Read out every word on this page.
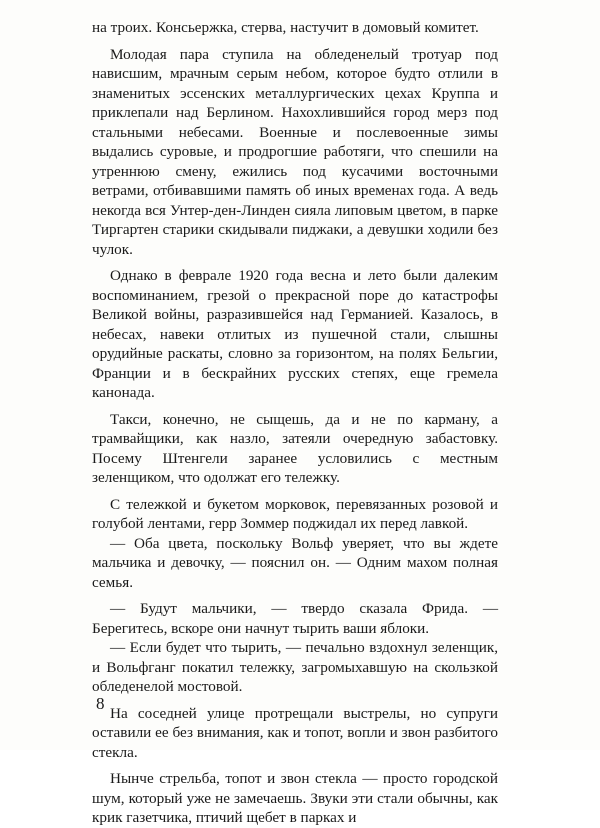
на троих. Консьержка, стерва, настучит в домовый комитет.

Молодая пара ступила на обледенелый тротуар под нависшим, мрачным серым небом, которое будто отлили в знаменитых эссенских металлургических цехах Круппа и приклепали над Берлином. Нахохлившийся город мерз под стальными небесами. Военные и послевоенные зимы выдались суровые, и продрогшие работяги, что спешили на утреннюю смену, ежились под кусачими восточными ветрами, отбивавшими память об иных временах года. А ведь некогда вся Унтер-ден-Линден сияла липовым цветом, в парке Тиргартен старики скидывали пиджаки, а девушки ходили без чулок.

Однако в феврале 1920 года весна и лето были далеким воспоминанием, грезой о прекрасной поре до катастрофы Великой войны, разразившейся над Германией. Казалось, в небесах, навеки отлитых из пушечной стали, слышны орудийные раскаты, словно за горизонтом, на полях Бельгии, Франции и в бескрайних русских степях, еще гремела канонада.

Такси, конечно, не сыщешь, да и не по карману, а трамвайщики, как назло, затеяли очередную забастовку. Посему Штенгели заранее условились с местным зеленщиком, что одолжат его тележку.

С тележкой и букетом морковок, перевязанных розовой и голубой лентами, герр Зоммер поджидал их перед лавкой.

— Оба цвета, поскольку Вольф уверяет, что вы ждете мальчика и девочку, — пояснил он. — Одним махом полная семья.

— Будут мальчики, — твердо сказала Фрида. — Берегитесь, вскоре они начнут тырить ваши яблоки.

— Если будет что тырить, — печально вздохнул зеленщик, и Вольфганг покатил тележку, загромыхавшую на скользкой обледенелой мостовой.

На соседней улице протрещали выстрелы, но супруги оставили ее без внимания, как и топот, вопли и звон разбитого стекла.

Нынче стрельба, топот и звон стекла — просто городской шум, который уже не замечаешь. Звуки эти стали обычны, как крик газетчика, птичий щебет в парках и

8
